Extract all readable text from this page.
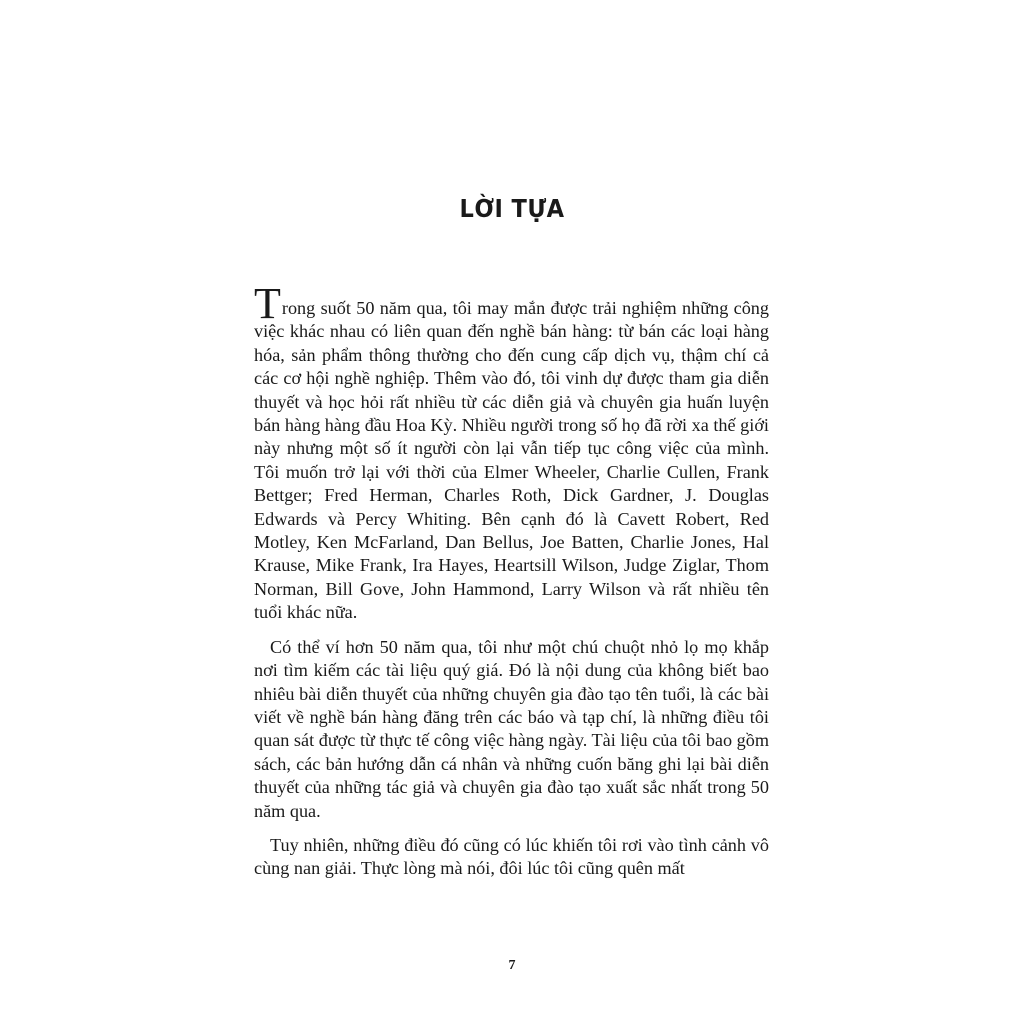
LỜI TỰA

Trong suốt 50 năm qua, tôi may mắn được trải nghiệm những công việc khác nhau có liên quan đến nghề bán hàng: từ bán các loại hàng hóa, sản phẩm thông thường cho đến cung cấp dịch vụ, thậm chí cả các cơ hội nghề nghiệp. Thêm vào đó, tôi vinh dự được tham gia diễn thuyết và học hỏi rất nhiều từ các diễn giả và chuyên gia huấn luyện bán hàng hàng đầu Hoa Kỳ. Nhiều người trong số họ đã rời xa thế giới này nhưng một số ít người còn lại vẫn tiếp tục công việc của mình. Tôi muốn trở lại với thời của Elmer Wheeler, Charlie Cullen, Frank Bettger; Fred Herman, Charles Roth, Dick Gardner, J. Douglas Edwards và Percy Whiting. Bên cạnh đó là Cavett Robert, Red Motley, Ken McFarland, Dan Bellus, Joe Batten, Charlie Jones, Hal Krause, Mike Frank, Ira Hayes, Heartsill Wilson, Judge Ziglar, Thom Norman, Bill Gove, John Hammond, Larry Wilson và rất nhiều tên tuổi khác nữa.

Có thể ví hơn 50 năm qua, tôi như một chú chuột nhỏ lọ mọ khắp nơi tìm kiếm các tài liệu quý giá. Đó là nội dung của không biết bao nhiêu bài diễn thuyết của những chuyên gia đào tạo tên tuổi, là các bài viết về nghề bán hàng đăng trên các báo và tạp chí, là những điều tôi quan sát được từ thực tế công việc hàng ngày. Tài liệu của tôi bao gồm sách, các bản hướng dẫn cá nhân và những cuốn băng ghi lại bài diễn thuyết của những tác giả và chuyên gia đào tạo xuất sắc nhất trong 50 năm qua.

Tuy nhiên, những điều đó cũng có lúc khiến tôi rơi vào tình cảnh vô cùng nan giải. Thực lòng mà nói, đôi lúc tôi cũng quên mất

7
